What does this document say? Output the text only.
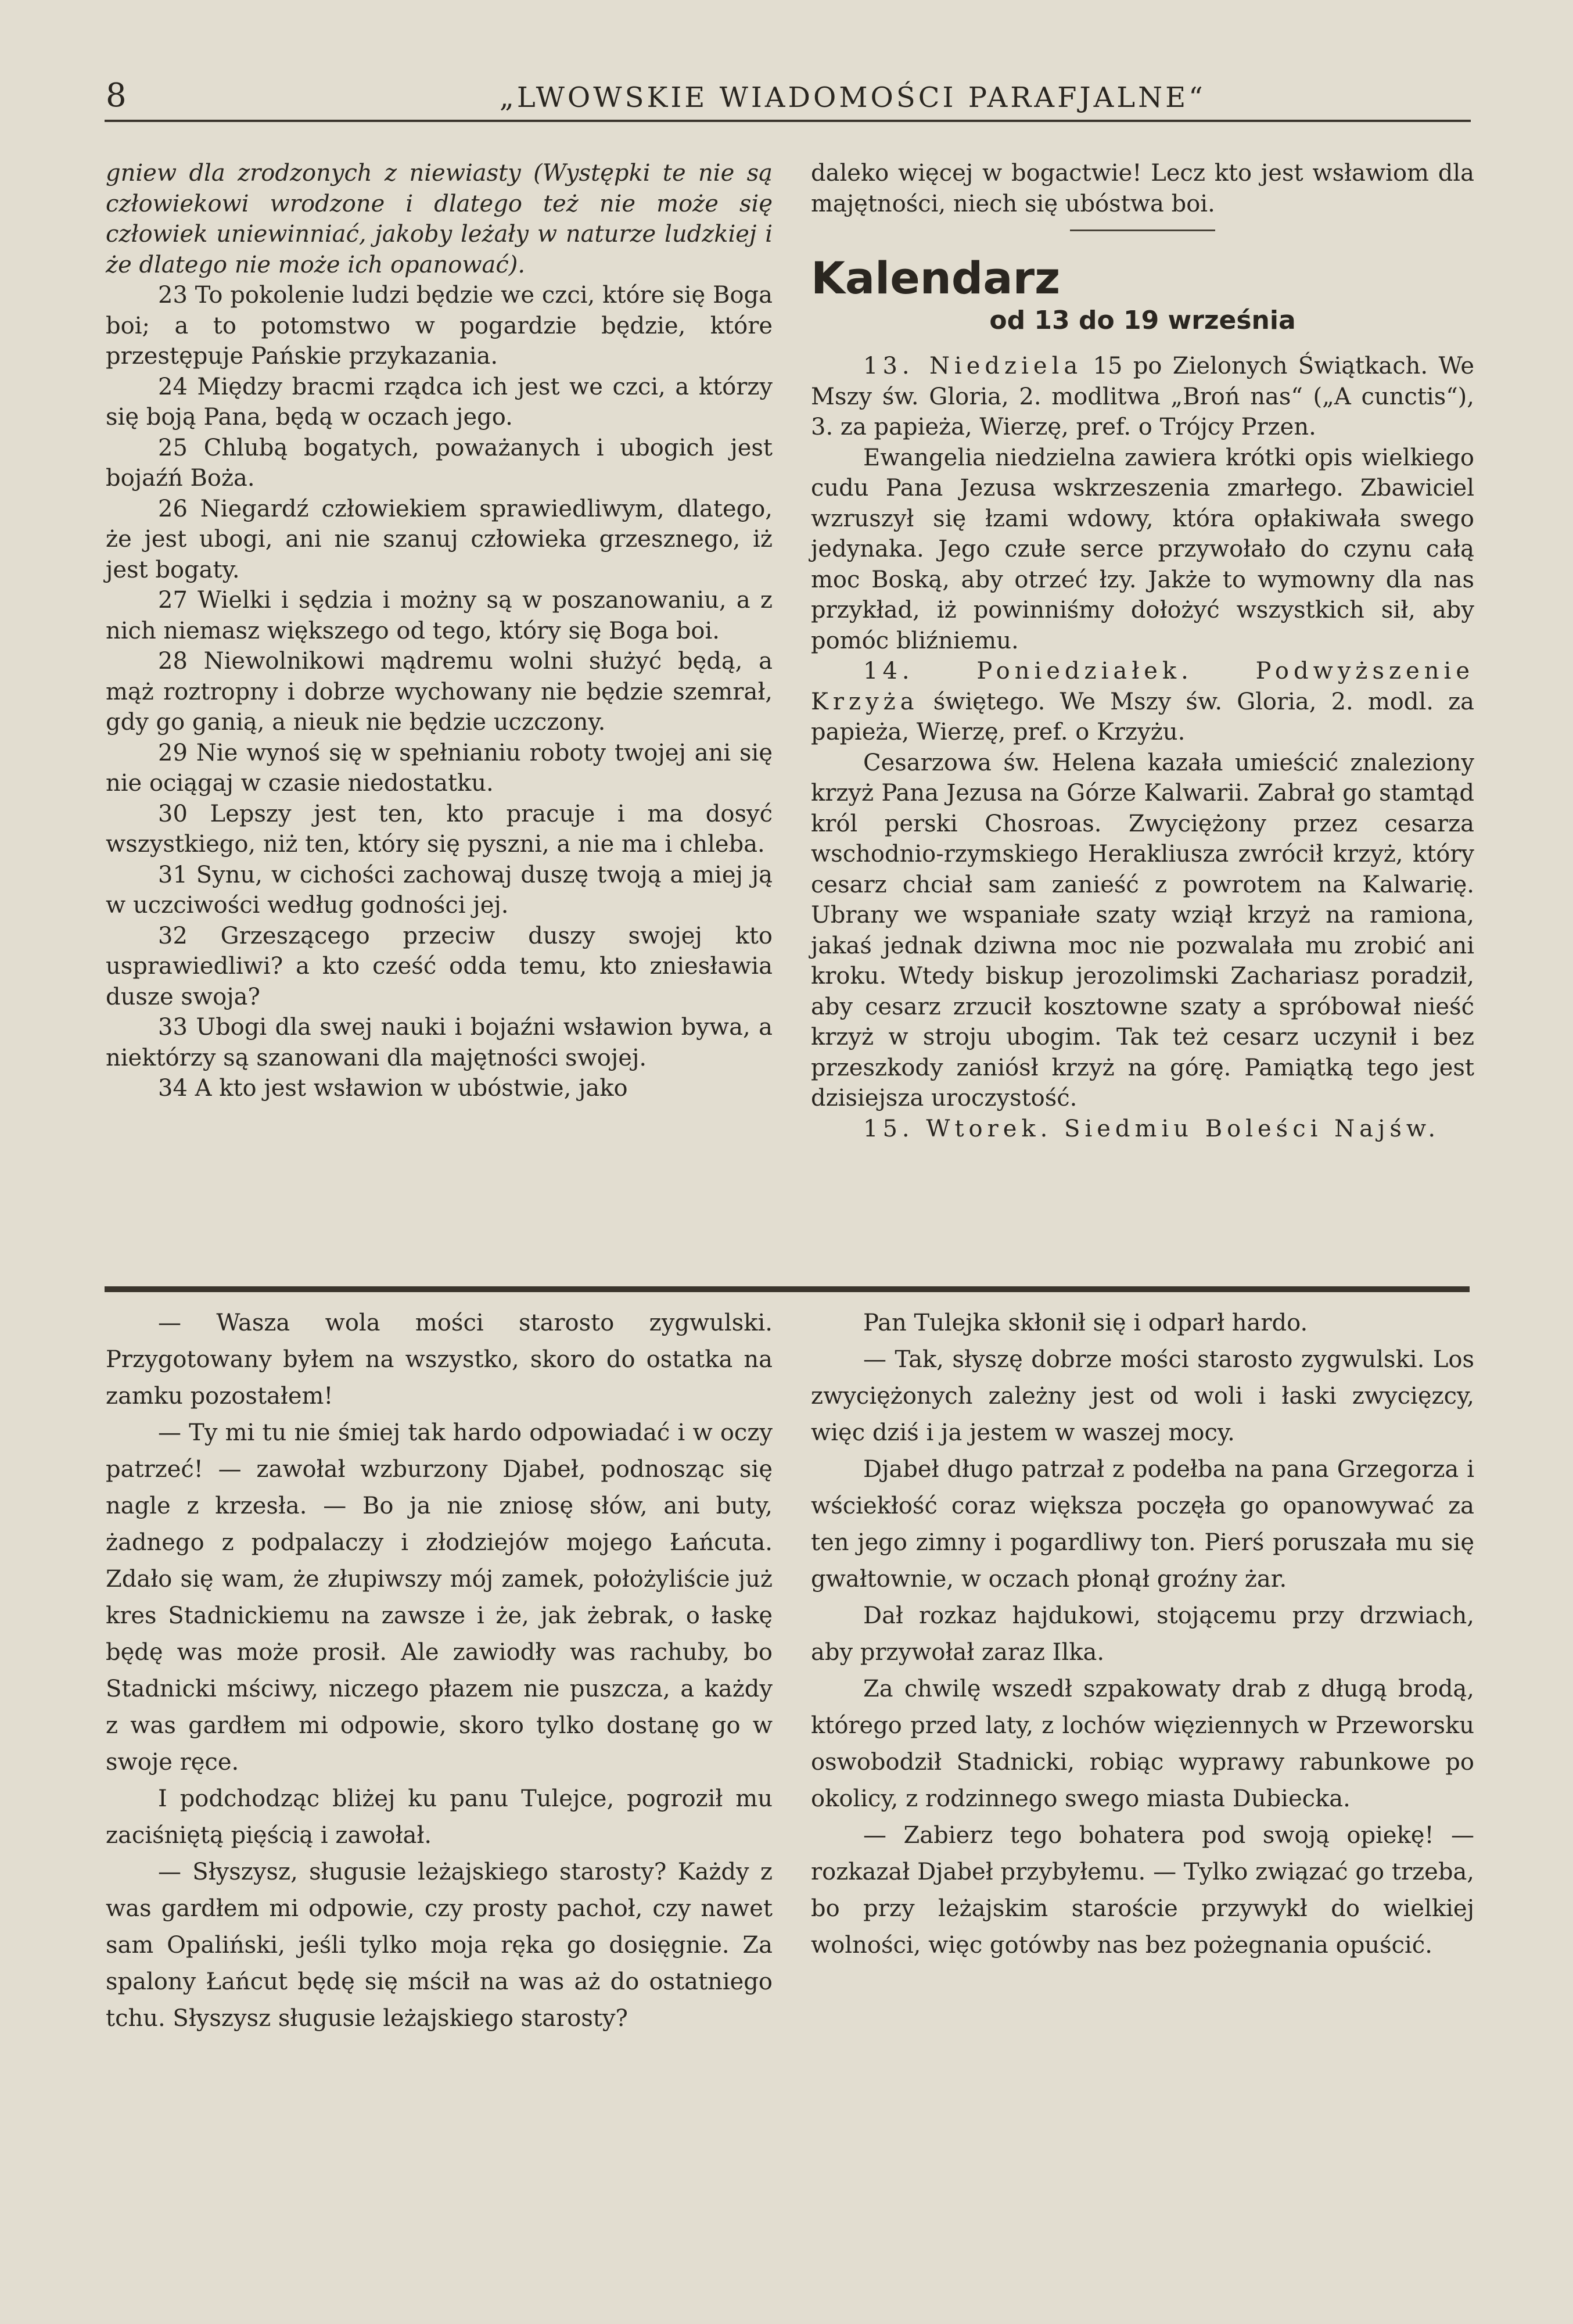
8	„LWOWSKIE WIADOMOŚCI PARAFJALNE“

gniew dla zrodzonych z niewiasty (Występki te nie są człowiekowi wrodzone i dlatego też nie może się człowiek uniewinniać, jakoby leżały w naturze ludzkiej i że dlatego nie może ich opanować).

23 To pokolenie ludzi będzie we czci, które się Boga boi; a to potomstwo w pogardzie będzie, które przestępuje Pańskie przykazania.

24 Między bracmi rządca ich jest we czci, a którzy się boją Pana, będą w oczach jego.

25 Chlubą bogatych, poważanych i ubogich jest bojaźń Boża.

26 Niegardź człowiekiem sprawiedliwym, dlatego, że jest ubogi, ani nie szanuj człowieka grzesznego, iż jest bogaty.

27 Wielki i sędzia i możny są w poszanowaniu, a z nich niemasz większego od tego, który się Boga boi.

28 Niewolnikowi mądremu wolni służyć będą, a mąż roztropny i dobrze wychowany nie będzie szemrał, gdy go ganią, a nieuk nie będzie uczczony.

29 Nie wynoś się w spełnianiu roboty twojej ani się nie ociągaj w czasie niedostatku.

30 Lepszy jest ten, kto pracuje i ma dosyć wszystkiego, niż ten, który się pyszni, a nie ma i chleba.

31 Synu, w cichości zachowaj duszę twoją a miej ją w uczciwości według godności jej.

32 Grzeszącego przeciw duszy swojej kto usprawiedliwi? a kto cześć odda temu, kto zniesławia dusze swoja?

33 Ubogi dla swej nauki i bojaźni wsławion bywa, a niektórzy są szanowani dla majętności swojej.

34 A kto jest wsławion w ubóstwie, jako

daleko więcej w bogactwie! Lecz kto jest wsławiom dla majętności, niech się ubóstwa boi.

Kalendarz
od 13 do 19 września

13. Niedziela 15 po Zielonych Świątkach. We Mszy św. Gloria, 2. modlitwa „Broń nas“ („A cunctis“), 3. za papieża, Wierzę, pref. o Trójcy Przen.

Ewangelia niedzielna zawiera krótki opis wielkiego cudu Pana Jezusa wskrzeszenia zmarłego. Zbawiciel wzruszył się łzami wdowy, która opłakiwała swego jedynaka. Jego czułe serce przywołało do czynu całą moc Boską, aby otrzeć łzy. Jakże to wymowny dla nas przykład, iż powinniśmy dołożyć wszystkich sił, aby pomóc bliźniemu.

14. Poniedziałek. Podwyższenie Krzyża świętego. We Mszy św. Gloria, 2. modl. za papieża, Wierzę, pref. o Krzyżu.

Cesarzowa św. Helena kazała umieścić znaleziony krzyż Pana Jezusa na Górze Kalwarii. Zabrał go stamtąd król perski Chosroas. Zwyciężony przez cesarza wschodnio-rzymskiego Herakliusza zwrócił krzyż, który cesarz chciał sam zanieść z powrotem na Kalwarię. Ubrany we wspaniałe szaty wziął krzyż na ramiona, jakaś jednak dziwna moc nie pozwalała mu zrobić ani kroku. Wtedy biskup jerozolimski Zachariasz poradził, aby cesarz zrzucił kosztowne szaty a spróbował nieść krzyż w stroju ubogim. Tak też cesarz uczynił i bez przeszkody zaniósł krzyż na górę. Pamiątką tego jest dzisiejsza uroczystość.

15. Wtorek. Siedmiu Boleści Najśw.

— Wasza wola mości starosto zygwulski. Przygotowany byłem na wszystko, skoro do ostatka na zamku pozostałem!

— Ty mi tu nie śmiej tak hardo odpowiadać i w oczy patrzeć! — zawołał wzburzony Djabeł, podnosząc się nagle z krzesła. — Bo ja nie zniosę słów, ani buty, żadnego z podpalaczy i złodziejów mojego Łańcuta. Zdało się wam, że złupiwszy mój zamek, położyliście już kres Stadnickiemu na zawsze i że, jak żebrak, o łaskę będę was może prosił. Ale zawiodły was rachuby, bo Stadnicki mściwy, niczego płazem nie puszcza, a każdy z was gardłem mi odpowie, skoro tylko dostanę go w swoje ręce.

I podchodząc bliżej ku panu Tulejce, pogroził mu zaciśniętą pięścią i zawołał.

— Słyszysz, sługusie leżajskiego starosty? Każdy z was gardłem mi odpowie, czy prosty pachoł, czy nawet sam Opaliński, jeśli tylko moja ręka go dosięgnie. Za spalony Łańcut będę się mścił na was aż do ostatniego tchu. Słyszysz sługusie leżajskiego starosty?

Pan Tulejka skłonił się i odparł hardo.

— Tak, słyszę dobrze mości starosto zygwulski. Los zwyciężonych zależny jest od woli i łaski zwycięzcy, więc dziś i ja jestem w waszej mocy.

Djabeł długo patrzał z podełba na pana Grzegorza i wściekłość coraz większa poczęła go opanowywać za ten jego zimny i pogardliwy ton. Pierś poruszała mu się gwałtownie, w oczach płonął groźny żar.

Dał rozkaz hajdukowi, stojącemu przy drzwiach, aby przywołał zaraz Ilka.

Za chwilę wszedł szpakowaty drab z długą brodą, którego przed laty, z lochów więziennych w Przeworsku oswobodził Stadnicki, robiąc wyprawy rabunkowe po okolicy, z rodzinnego swego miasta Dubiecka.

— Zabierz tego bohatera pod swoją opiekę! — rozkazał Djabeł przybyłemu. — Tylko związać go trzeba, bo przy leżajskim staroście przywykł do wielkiej wolności, więc gotówby nas bez pożegnania opuścić.
